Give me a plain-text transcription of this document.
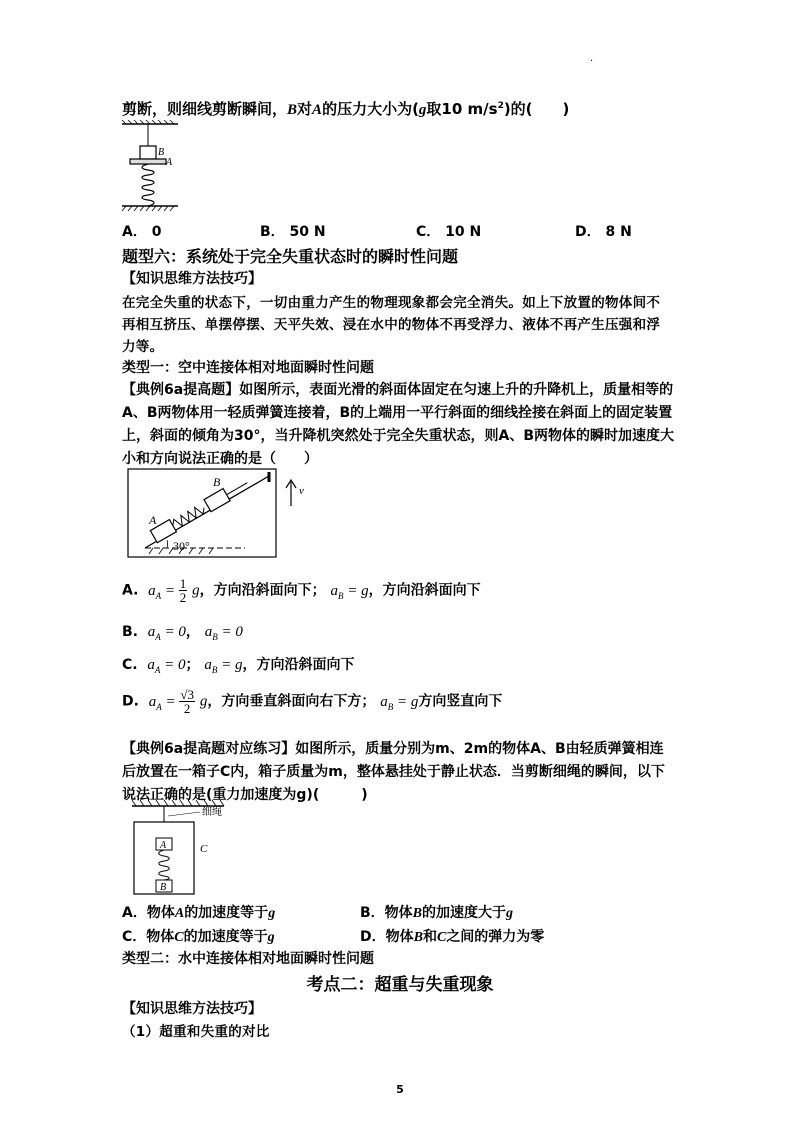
·
剪断，则细线剪断瞬间，B对A的压力大小为(g取10 $m/s^2$)的(　　)
B
A
A． 0	B． 50 N	C． 10 N	D． 8 N
题型六：系统处于完全失重状态时的瞬时性问题
【知识思维方法技巧】
在完全失重的状态下，一切由重力产生的物理现象都会完全消失。如上下放置的物体间不
再相互挤压、单摆停摆、天平失效、浸在水中的物体不再受浮力、液体不再产生压强和浮
力等。
类型一：空中连接体相对地面瞬时性问题
【典例6a提高题】如图所示，表面光滑的斜面体固定在匀速上升的升降机上，质量相等的
A、B两物体用一轻质弹簧连接着，B的上端用一平行斜面的细线拴接在斜面上的固定装置
上，斜面的倾角为30°，当升降机突然处于完全失重状态，则A、B两物体的瞬时加速度大
小和方向说法正确的是（　　）
A
B
30°
v
A. $a_A = \frac{1}{2}$ g，方向沿斜面向下； $a_B = g$，方向沿斜面向下
B. $a_A = 0$， $a_B = 0$
C. $a_A = 0$； $a_B = g$，方向沿斜面向下
D. $a_A = \frac{√3}{2}$ g，方向垂直斜面向右下方； $a_B = g$方向竖直向下
【典例6a提高题对应练习】如图所示，质量分别为m、2m的物体A、B由轻质弹簧相连
后放置在一箱子C内，箱子质量为m，整体悬挂处于静止状态．当剪断细绳的瞬间，以下
说法正确的是(重力加速度为g)(　　　)
细绳
A
B
C
A．物体A的加速度等于g	B．物体B的加速度大于g
C．物体C的加速度等于g	D．物体B和C之间的弹力为零
类型二：水中连接体相对地面瞬时性问题
考点二：超重与失重现象
【知识思维方法技巧】
（1）超重和失重的对比
5
